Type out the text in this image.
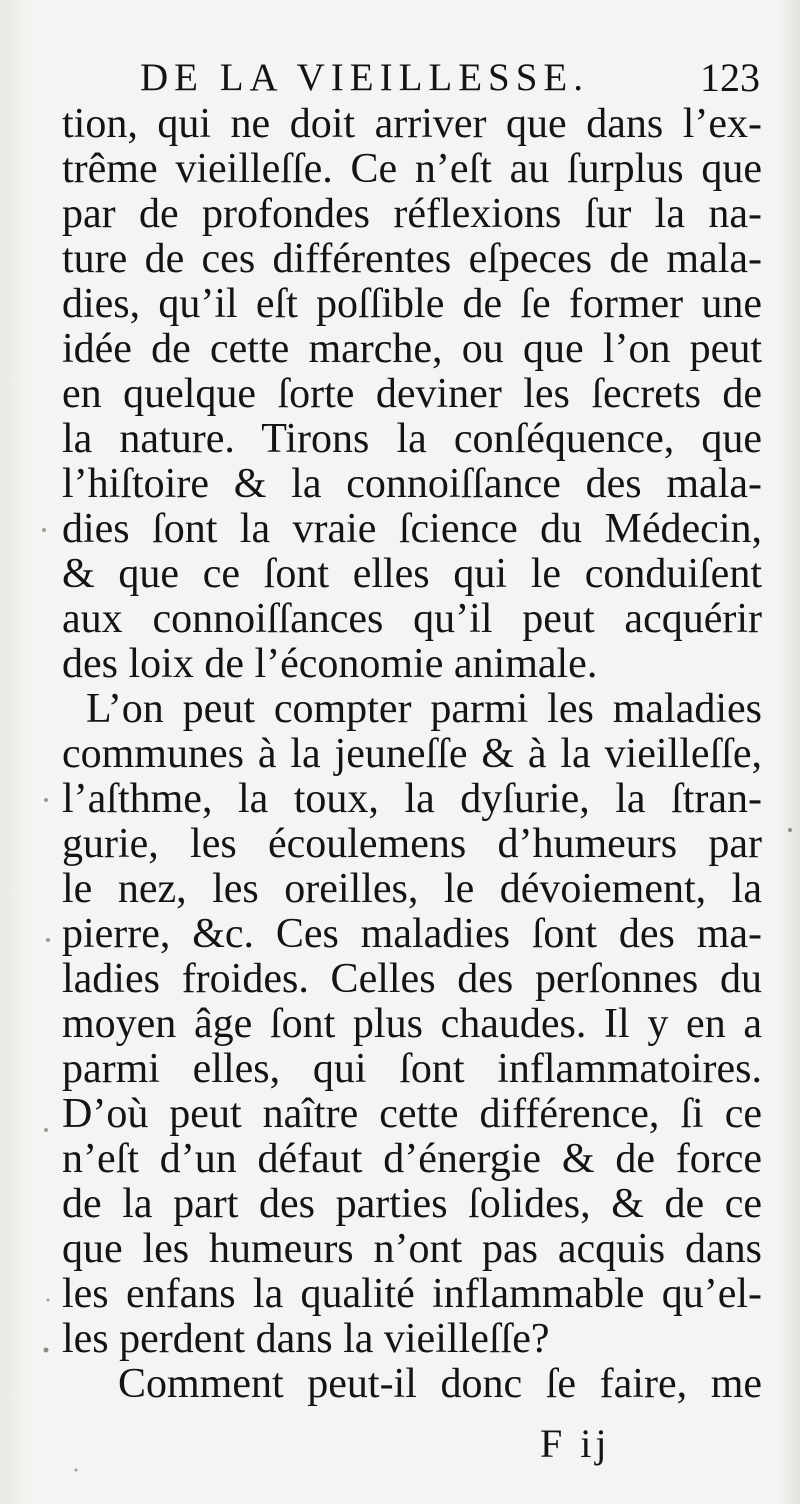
DE LA VIEILLESSE.	123
tion, qui ne doit arriver que dans l’ex-
trême vieilleſſe. Ce n’eſt au ſurplus que
par de profondes réflexions ſur la na-
ture de ces différentes eſpeces de mala-
dies, qu’il eſt poſſible de ſe former une
idée de cette marche, ou que l’on peut
en quelque ſorte deviner les ſecrets de
la nature. Tirons la conſéquence, que
l’hiſtoire & la connoiſſance des mala-
dies ſont la vraie ſcience du Médecin,
& que ce ſont elles qui le conduiſent
aux connoiſſances qu’il peut acquérir
des loix de l’économie animale.
L’on peut compter parmi les maladies
communes à la jeuneſſe & à la vieilleſſe,
l’aſthme, la toux, la dyſurie, la ſtran-
gurie, les écoulemens d’humeurs par
le nez, les oreilles, le dévoiement, la
pierre, &c. Ces maladies ſont des ma-
ladies froides. Celles des perſonnes du
moyen âge ſont plus chaudes. Il y en a
parmi elles, qui ſont inflammatoires.
D’où peut naître cette différence, ſi ce
n’eſt d’un défaut d’énergie & de force
de la part des parties ſolides, & de ce
que les humeurs n’ont pas acquis dans
les enfans la qualité inflammable qu’el-
les perdent dans la vieilleſſe?
Comment peut-il donc ſe faire, me
F ij
